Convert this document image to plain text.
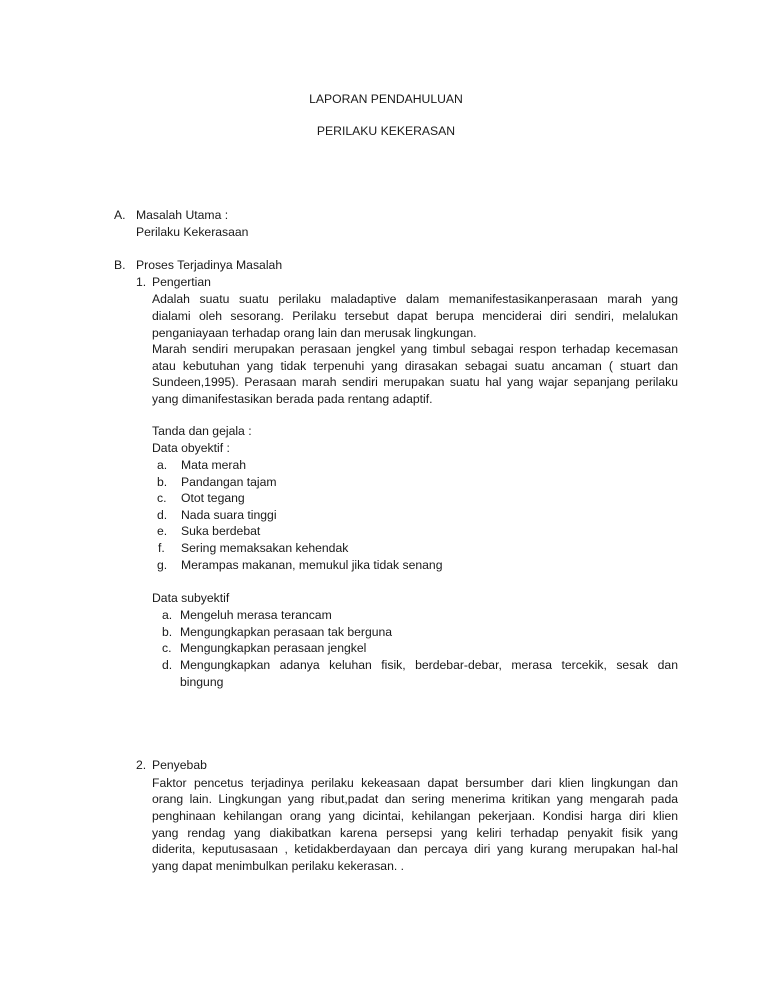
LAPORAN PENDAHULUAN
PERILAKU KEKERASAN
A. Masalah Utama :
Perilaku Kekerasaan
B. Proses Terjadinya Masalah
1. Pengertian
Adalah suatu suatu perilaku maladaptive dalam memanifestasikanperasaan marah yang
dialami oleh sesorang. Perilaku tersebut dapat berupa menciderai diri sendiri, melalukan
penganiayaan terhadap orang lain dan merusak lingkungan.
Marah sendiri merupakan perasaan jengkel yang timbul sebagai respon terhadap kecemasan
atau kebutuhan yang tidak terpenuhi yang dirasakan sebagai suatu ancaman ( stuart dan
Sundeen,1995). Perasaan marah sendiri merupakan suatu hal yang wajar sepanjang perilaku
yang dimanifestasikan berada pada rentang adaptif.
Tanda dan gejala :
Data obyektif :
a. Mata merah
b. Pandangan tajam
c. Otot tegang
d. Nada suara tinggi
e. Suka berdebat
f. Sering memaksakan kehendak
g. Merampas makanan, memukul jika tidak senang
Data subyektif
a. Mengeluh merasa terancam
b. Mengungkapkan perasaan tak berguna
c. Mengungkapkan perasaan jengkel
d. Mengungkapkan adanya keluhan fisik, berdebar-debar, merasa tercekik, sesak dan
bingung
2. Penyebab
Faktor pencetus terjadinya perilaku kekeasaan dapat bersumber dari klien lingkungan dan
orang lain. Lingkungan yang ribut,padat dan sering menerima kritikan yang mengarah pada
penghinaan kehilangan orang yang dicintai, kehilangan pekerjaan. Kondisi harga diri klien
yang rendag yang diakibatkan karena persepsi yang keliri terhadap penyakit fisik yang
diderita, keputusasaan , ketidakberdayaan dan percaya diri yang kurang merupakan hal-hal
yang dapat menimbulkan perilaku kekerasan. .
